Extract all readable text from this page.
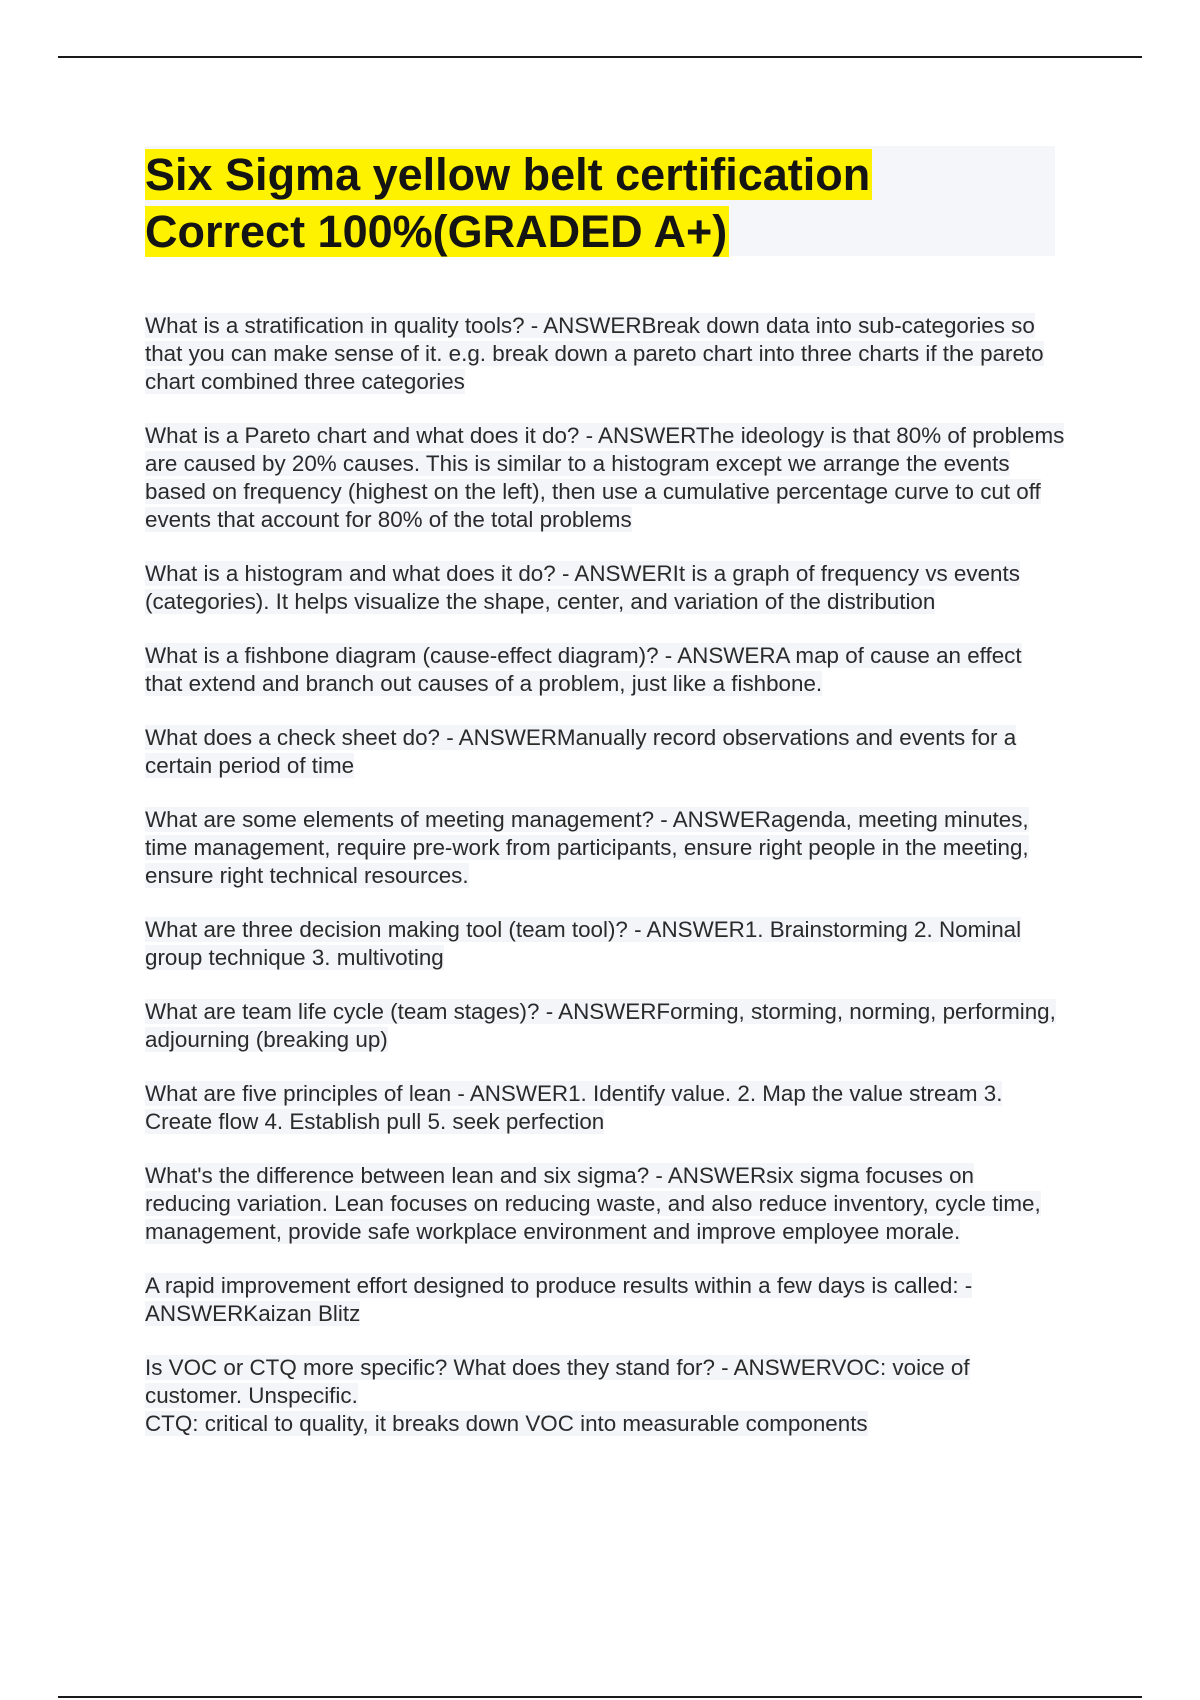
Six Sigma yellow belt certification
Correct 100%(GRADED A+)

What is a stratification in quality tools? - ANSWERBreak down data into sub-categories so that you can make sense of it. e.g. break down a pareto chart into three charts if the pareto chart combined three categories

What is a Pareto chart and what does it do? - ANSWERThe ideology is that 80% of problems are caused by 20% causes. This is similar to a histogram except we arrange the events based on frequency (highest on the left), then use a cumulative percentage curve to cut off events that account for 80% of the total problems

What is a histogram and what does it do? - ANSWERIt is a graph of frequency vs events (categories). It helps visualize the shape, center, and variation of the distribution

What is a fishbone diagram (cause-effect diagram)? - ANSWERA map of cause an effect that extend and branch out causes of a problem, just like a fishbone.

What does a check sheet do? - ANSWERManually record observations and events for a certain period of time

What are some elements of meeting management? - ANSWERagenda, meeting minutes, time management, require pre-work from participants, ensure right people in the meeting, ensure right technical resources.

What are three decision making tool (team tool)? - ANSWER1. Brainstorming 2. Nominal group technique 3. multivoting

What are team life cycle (team stages)? - ANSWERForming, storming, norming, performing, adjourning (breaking up)

What are five principles of lean - ANSWER1. Identify value. 2. Map the value stream 3. Create flow 4. Establish pull 5. seek perfection

What's the difference between lean and six sigma? - ANSWERsix sigma focuses on reducing variation. Lean focuses on reducing waste, and also reduce inventory, cycle time, management, provide safe workplace environment and improve employee morale.

A rapid improvement effort designed to produce results within a few days is called: - ANSWERKaizan Blitz

Is VOC or CTQ more specific? What does they stand for? - ANSWERVOC: voice of customer. Unspecific.
CTQ: critical to quality, it breaks down VOC into measurable components
